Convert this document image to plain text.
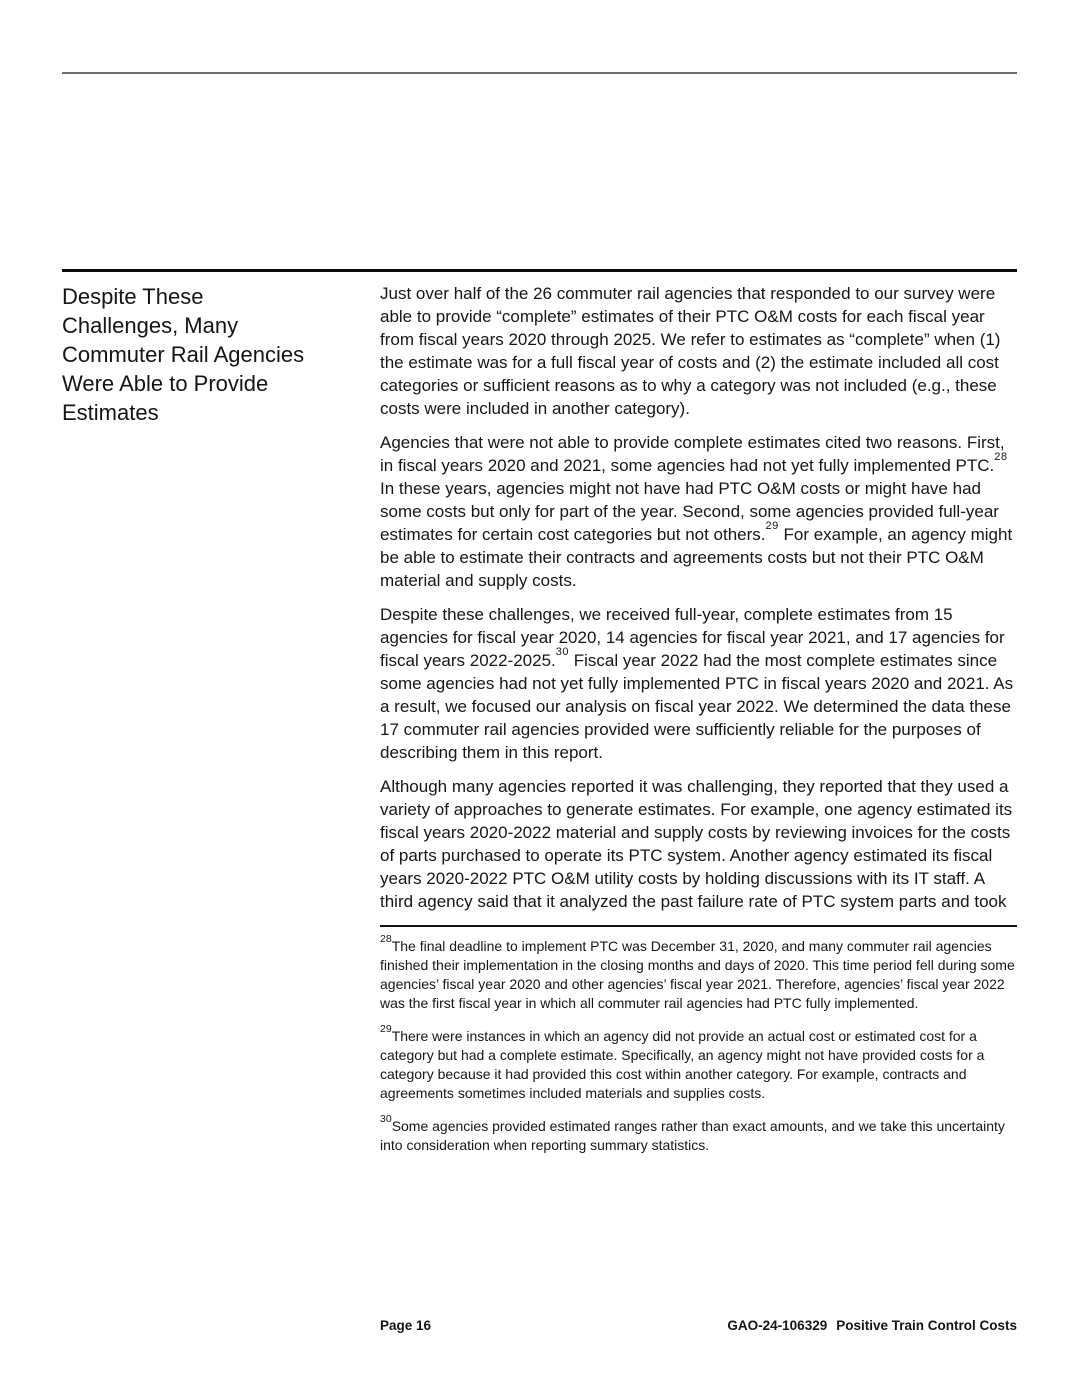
Despite These
Challenges, Many
Commuter Rail Agencies
Were Able to Provide
Estimates

Just over half of the 26 commuter rail agencies that responded to our survey were able to provide “complete” estimates of their PTC O&M costs for each fiscal year from fiscal years 2020 through 2025. We refer to estimates as “complete” when (1) the estimate was for a full fiscal year of costs and (2) the estimate included all cost categories or sufficient reasons as to why a category was not included (e.g., these costs were included in another category).

Agencies that were not able to provide complete estimates cited two reasons. First, in fiscal years 2020 and 2021, some agencies had not yet fully implemented PTC.$^{28}$ In these years, agencies might not have had PTC O&M costs or might have had some costs but only for part of the year. Second, some agencies provided full-year estimates for certain cost categories but not others.$^{29}$ For example, an agency might be able to estimate their contracts and agreements costs but not their PTC O&M material and supply costs.

Despite these challenges, we received full-year, complete estimates from 15 agencies for fiscal year 2020, 14 agencies for fiscal year 2021, and 17 agencies for fiscal years 2022-2025.30 Fiscal year 2022 had the most complete estimates since some agencies had not yet fully implemented PTC in fiscal years 2020 and 2021. As a result, we focused our analysis on fiscal year 2022. We determined the data these 17 commuter rail agencies provided were sufficiently reliable for the purposes of describing them in this report.

Although many agencies reported it was challenging, they reported that they used a variety of approaches to generate estimates. For example, one agency estimated its fiscal years 2020-2022 material and supply costs by reviewing invoices for the costs of parts purchased to operate its PTC system. Another agency estimated its fiscal years 2020-2022 PTC O&M utility costs by holding discussions with its IT staff. A third agency said that it analyzed the past failure rate of PTC system parts and took

$^{28}$The final deadline to implement PTC was December 31, 2020, and many commuter rail agencies finished their implementation in the closing months and days of 2020. This time period fell during some agencies’ fiscal year 2020 and other agencies’ fiscal year 2021. Therefore, agencies’ fiscal year 2022 was the first fiscal year in which all commuter rail agencies had PTC fully implemented.

$^{29}$There were instances in which an agency did not provide an actual cost or estimated cost for a category but had a complete estimate. Specifically, an agency might not have provided costs for a category because it had provided this cost within another category. For example, contracts and agreements sometimes included materials and supplies costs.

$^{30}$Some agencies provided estimated ranges rather than exact amounts, and we take this uncertainty into consideration when reporting summary statistics.

Page 16	GAO-24-106329 Positive Train Control Costs
